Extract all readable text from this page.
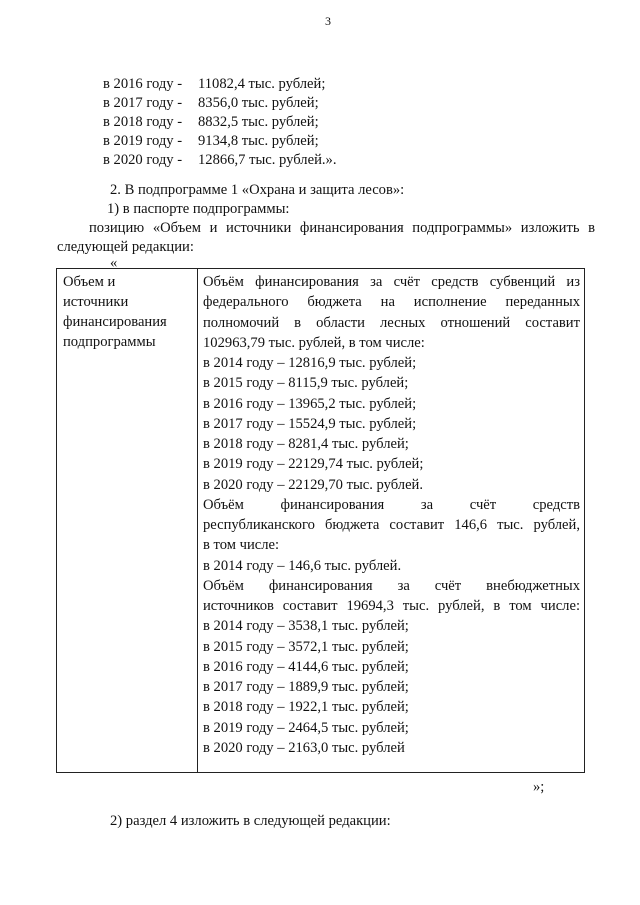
3
в 2016 году - 11082,4 тыс. рублей;
в 2017 году - 8356,0 тыс. рублей;
в 2018 году - 8832,5 тыс. рублей;
в 2019 году - 9134,8 тыс. рублей;
в 2020 году - 12866,7 тыс. рублей.».
2. В подпрограмме 1 «Охрана и защита лесов»:
1) в паспорте подпрограммы:
позицию «Объем и источники финансирования подпрограммы» изложить в
следующей редакции:
«
Объем и
источники
финансирования
подпрограммы
Объём финансирования за счёт средств субвенций из
федерального бюджета на исполнение переданных
полномочий в области лесных отношений составит
102963,79 тыс. рублей, в том числе:
в 2014 году – 12816,9 тыс. рублей;
в 2015 году – 8115,9 тыс. рублей;
в 2016 году – 13965,2 тыс. рублей;
в 2017 году – 15524,9 тыс. рублей;
в 2018 году – 8281,4 тыс. рублей;
в 2019 году – 22129,74 тыс. рублей;
в 2020 году – 22129,70 тыс. рублей.
Объём финансирования за счёт средств
республиканского бюджета составит 146,6 тыс. рублей,
в том числе:
в 2014 году – 146,6 тыс. рублей.
Объём финансирования за счёт внебюджетных
источников составит 19694,3 тыс. рублей, в том числе:
в 2014 году – 3538,1 тыс. рублей;
в 2015 году – 3572,1 тыс. рублей;
в 2016 году – 4144,6 тыс. рублей;
в 2017 году – 1889,9 тыс. рублей;
в 2018 году – 1922,1 тыс. рублей;
в 2019 году – 2464,5 тыс. рублей;
в 2020 году – 2163,0 тыс. рублей
»;
2) раздел 4 изложить в следующей редакции:
